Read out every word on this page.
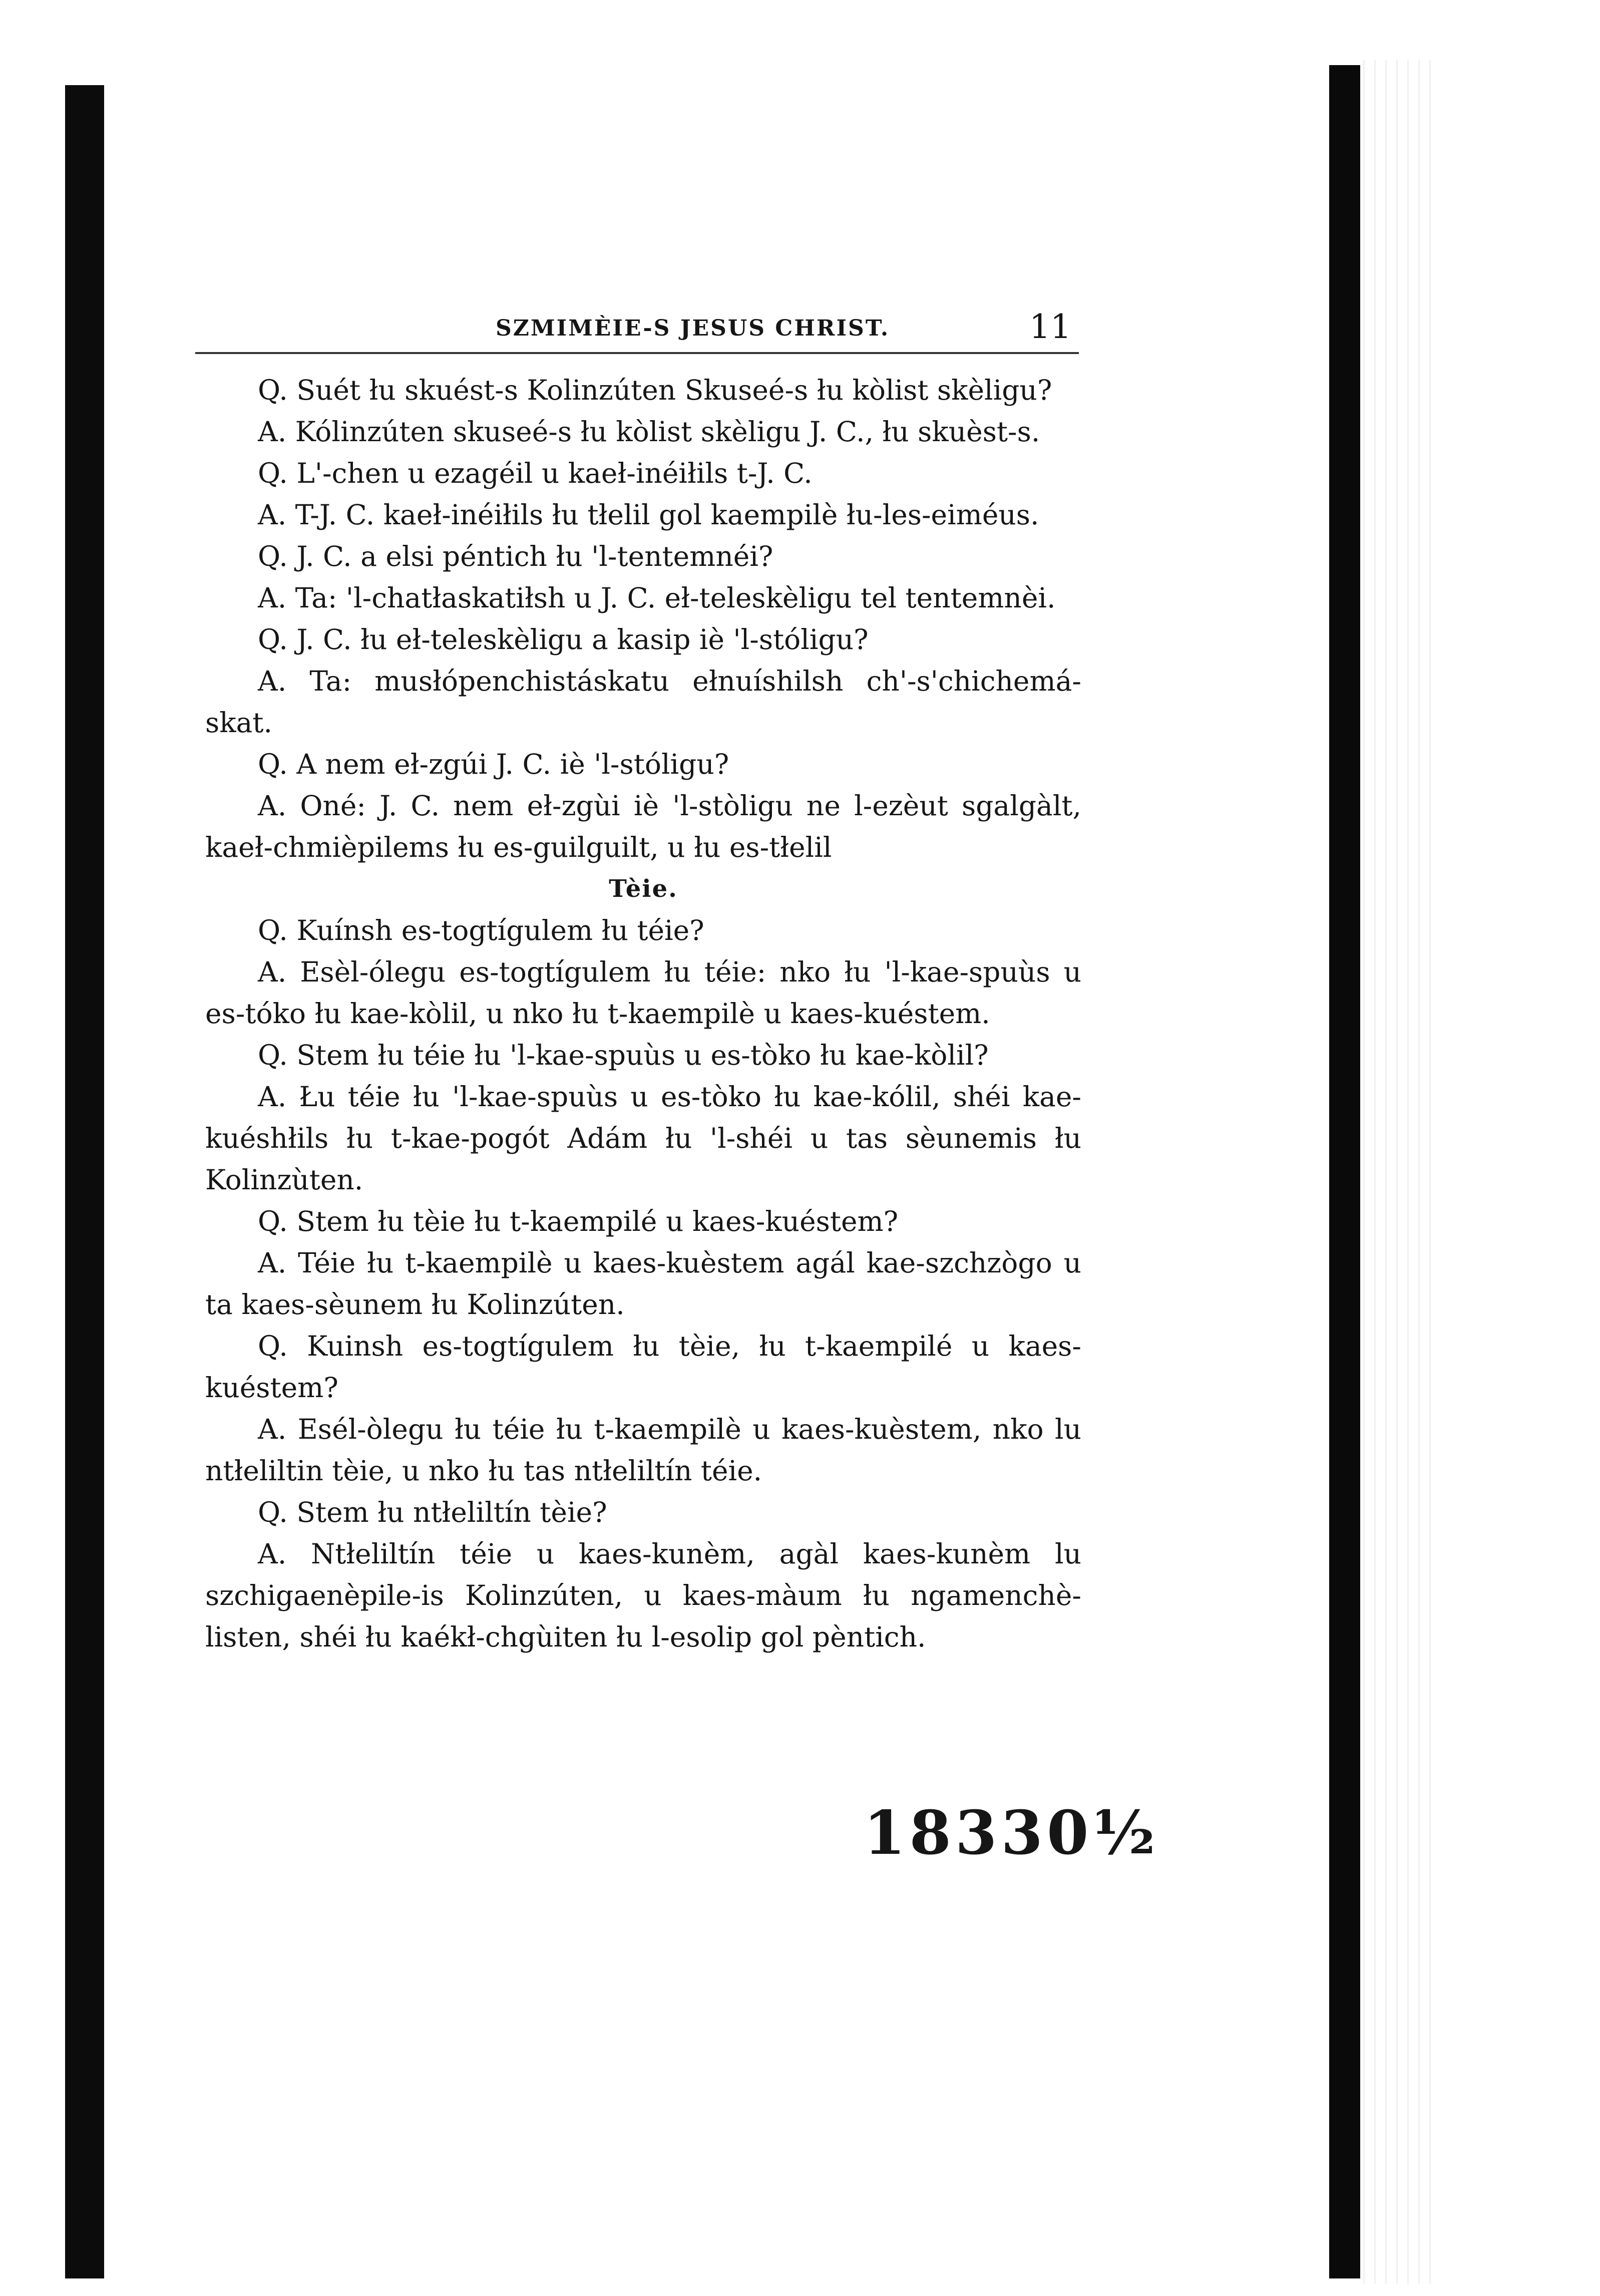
SZMIMÈIE-S JESUS CHRIST.	11

Q. Suét łu skuést-s Kolinzúten Skuseé-s łu kòlist skèligu?

A. Kólinzúten skuseé-s łu kòlist skèligu J. C., łu skuèst-s.

Q. L'-chen u ezagéil u kaeł-inéiłils t-J. C.

A. T-J. C. kaeł-inéiłils łu tłelil gol kaempilè łu-les-eiméus.

Q. J. C. a elsi péntich łu 'l-tentemnéi?

A. Ta: 'l-chatłaskatiłsh u J. C. eł-teleskèligu tel tentemnèi.

Q. J. C. łu eł-teleskèligu a kasip iè 'l-stóligu?

A. Ta: musłópenchistáskatu ełnuíshilsh ch'-s'chichemá-skat.

Q. A nem eł-zgúi J. C. iè 'l-stóligu?

A. Oné: J. C. nem eł-zgùi iè 'l-stòligu ne l-ezèut sgalgàlt, kaeł-chmièpilems łu es-guilguilt, u łu es-tłelil

Tèie.

Q. Kuínsh es-togtígulem łu téie?

A. Esèl-ólegu es-togtígulem łu téie: nko łu 'l-kae-spuùs u es-tóko łu kae-kòlil, u nko łu t-kaempilè u kaes-kuéstem.

Q. Stem łu téie łu 'l-kae-spuùs u es-tòko łu kae-kòlil?

A. Łu téie łu 'l-kae-spuùs u es-tòko łu kae-kólil, shéi kae-kuéshłils łu t-kae-pogót Adám łu 'l-shéi u tas sèunemis łu Kolinzùten.

Q. Stem łu tèie łu t-kaempilé u kaes-kuéstem?

A. Téie łu t-kaempilè u kaes-kuèstem agál kae-szchzògo u ta kaes-sèunem łu Kolinzúten.

Q. Kuinsh es-togtígulem łu tèie, łu t-kaempilé u kaes-kuéstem?

A. Esél-òlegu łu téie łu t-kaempilè u kaes-kuèstem, nko lu ntłeliltin tèie, u nko łu tas ntłeliltín téie.

Q. Stem łu ntłeliltín tèie?

A. Ntłeliltín téie u kaes-kunèm, agàl kaes-kunèm lu szchigaenèpile-is Kolinzúten, u kaes-màum łu ngamenchè-listen, shéi łu kaékł-chgùiten łu l-esolip gol pèntich.

18330½
